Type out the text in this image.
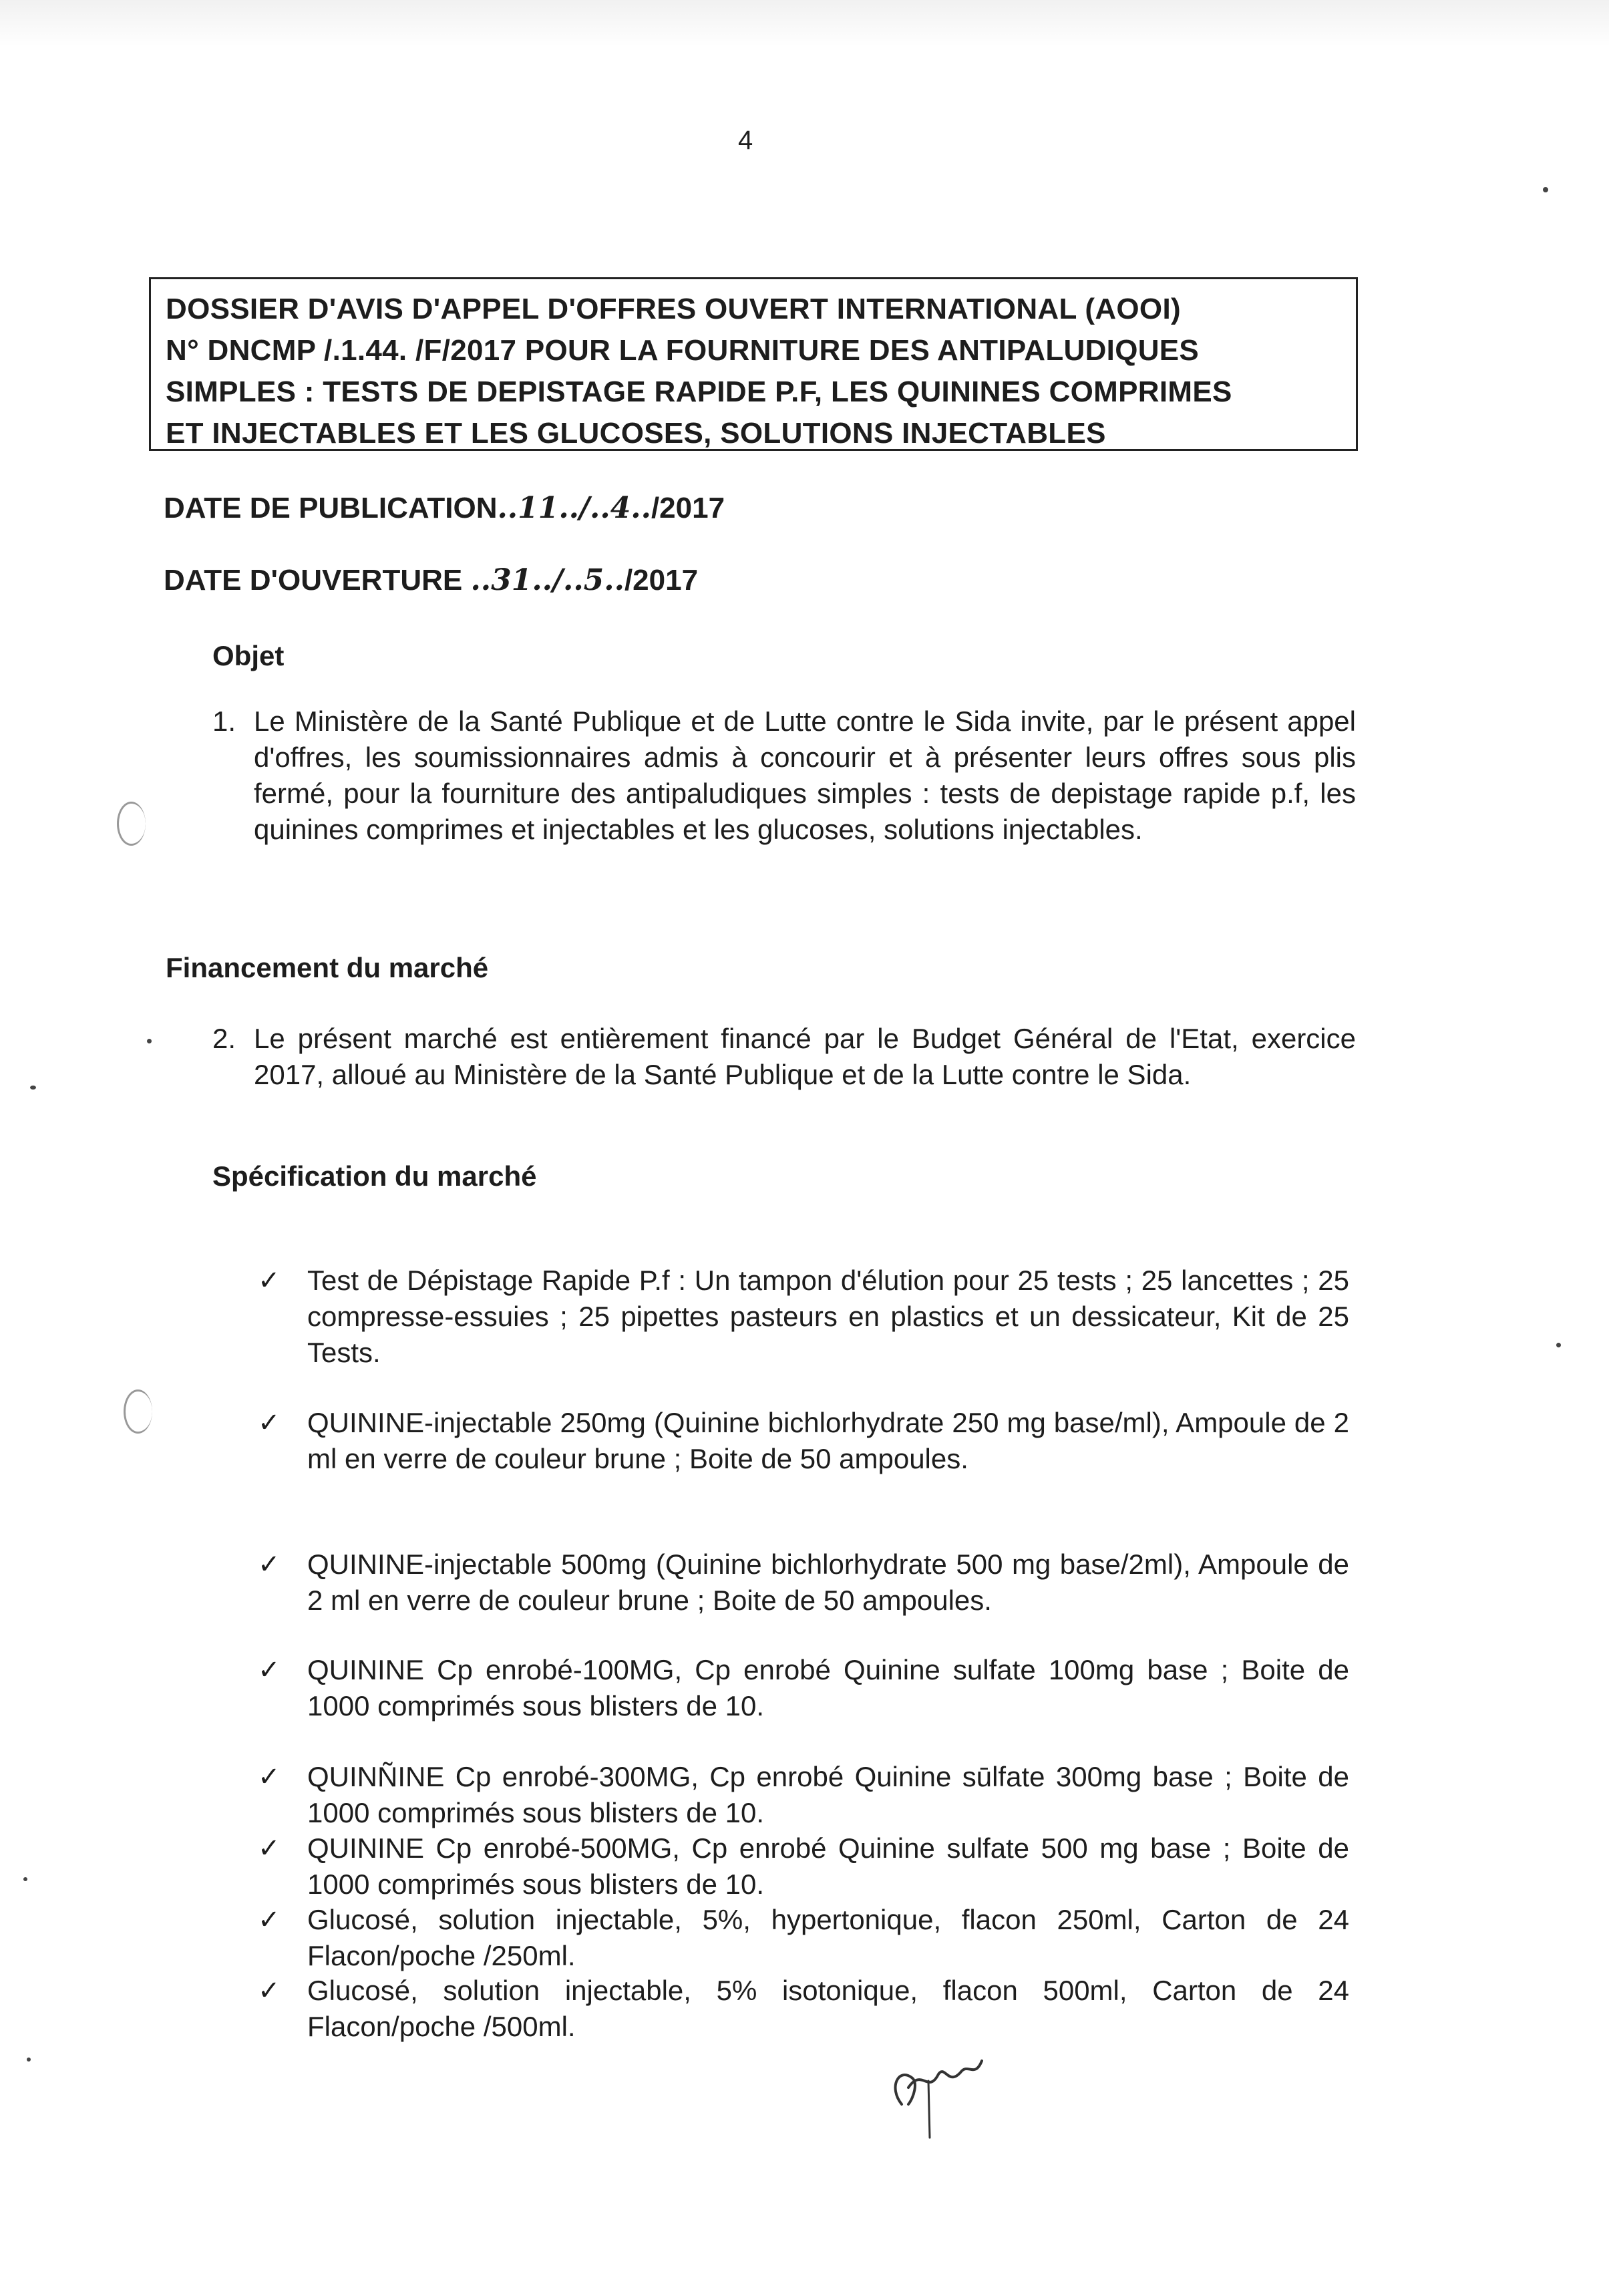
4
DOSSIER D'AVIS D'APPEL D'OFFRES OUVERT INTERNATIONAL (AOOI)
N° DNCMP /.1.44. /F/2017 POUR LA FOURNITURE DES ANTIPALUDIQUES
SIMPLES : TESTS DE DEPISTAGE RAPIDE P.F, LES QUININES COMPRIMES
ET INJECTABLES ET LES GLUCOSES, SOLUTIONS INJECTABLES
DATE DE PUBLICATION..11../..4../2017
DATE D'OUVERTURE ..31../..5../2017
Objet
1. Le Ministère de la Santé Publique et de Lutte contre le Sida invite, par le présent appel d'offres, les soumissionnaires admis à concourir et à présenter leurs offres sous plis fermé, pour la fourniture des antipaludiques simples : tests de depistage rapide p.f, les quinines comprimes et injectables et les glucoses, solutions injectables.
Financement du marché
2. Le présent marché est entièrement financé par le Budget Général de l'Etat, exercice 2017, alloué au Ministère de la Santé Publique et de la Lutte contre le Sida.
Spécification du marché
✓ Test de Dépistage Rapide P.f : Un tampon d'élution pour 25 tests ; 25 lancettes ; 25 compresse-essuies ; 25 pipettes pasteurs en plastics et un dessicateur, Kit de 25 Tests.
✓ QUININE-injectable 250mg (Quinine bichlorhydrate 250 mg base/ml), Ampoule de 2 ml en verre de couleur brune ; Boite de 50 ampoules.
✓ QUININE-injectable 500mg (Quinine bichlorhydrate 500 mg base/2ml), Ampoule de 2 ml en verre de couleur brune ; Boite de 50 ampoules.
✓ QUININE Cp enrobé-100MG, Cp enrobé Quinine sulfate 100mg base ; Boite de 1000 comprimés sous blisters de 10.
✓ QUINÑINE Cp enrobé-300MG, Cp enrobé Quinine sūlfate 300mg base ; Boite de 1000 comprimés sous blisters de 10.
✓ QUININE Cp enrobé-500MG, Cp enrobé Quinine sulfate 500 mg base ; Boite de 1000 comprimés sous blisters de 10.
✓ Glucosé, solution injectable, 5%, hypertonique, flacon 250ml, Carton de 24 Flacon/poche /250ml.
✓ Glucosé, solution injectable, 5% isotonique, flacon 500ml, Carton de 24 Flacon/poche /500ml.
